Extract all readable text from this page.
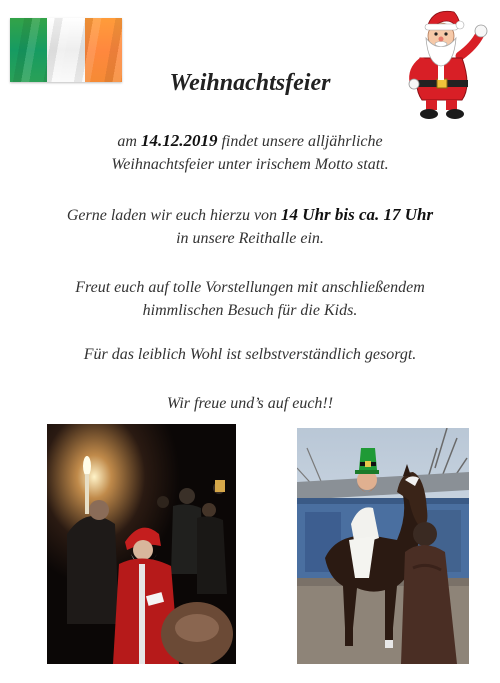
Weihnachtsfeier
am 14.12.2019 findet unsere alljährliche
Weihnachtsfeier unter irischem Motto statt.
Gerne laden wir euch hierzu von 14 Uhr bis ca. 17 Uhr
in unsere Reithalle ein.
Freut euch auf tolle Vorstellungen mit anschließendem
himmlischen Besuch für die Kids.
Für das leiblich Wohl ist selbstverständlich gesorgt.
Wir freue und’s auf euch!!
